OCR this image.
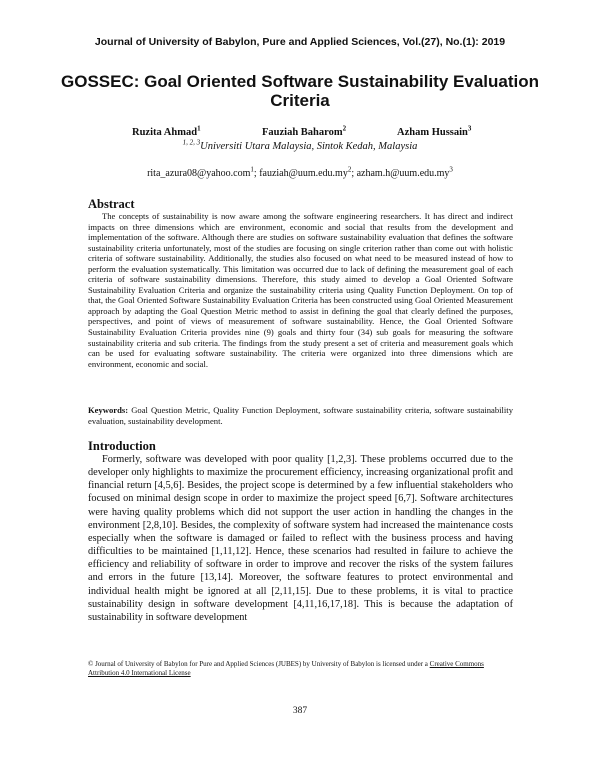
Journal of University of Babylon, Pure and Applied Sciences, Vol.(27), No.(1): 2019
GOSSEC: Goal Oriented Software Sustainability Evaluation Criteria
Ruzita Ahmad$^1$	Fauziah Baharom$^2$	Azham Hussain$^3$
$^{1, 2, 3}$Universiti Utara Malaysia, Sintok Kedah, Malaysia
rita_azura08@yahoo.com$^1$; $fauziah@uum.edu.my^2$; $azham.h@uum.edu.my^3$
Abstract

The concepts of sustainability is now aware among the software engineering researchers. It has direct and indirect impacts on three dimensions which are environment, economic and social that results from the development and implementation of the software. Although there are studies on software sustainability evaluation that defines the software sustainability criteria unfortunately, most of the studies are focusing on single criterion rather than come out with holistic criteria of software sustainability. Additionally, the studies also focused on what need to be measured instead of how to perform the evaluation systematically. This limitation was occurred due to lack of defining the measurement goal of each criteria of software sustainability dimensions. Therefore, this study aimed to develop a Goal Oriented Software Sustainability Evaluation Criteria and organize the sustainability criteria using Quality Function Deployment. On top of that, the Goal Oriented Software Sustainability Evaluation Criteria has been constructed using Goal Oriented Measurement approach by adapting the Goal Question Metric method to assist in defining the goal that clearly defined the purposes, perspectives, and point of views of measurement of software sustainability. Hence, the Goal Oriented Software Sustainability Evaluation Criteria provides nine (9) goals and thirty four (34) sub goals for measuring the software sustainability criteria and sub criteria. The findings from the study present a set of criteria and measurement goals which can be used for evaluating software sustainability. The criteria were organized into three dimensions which are environment, economic and social.

Keywords: Goal Question Metric, Quality Function Deployment, software sustainability criteria, software sustainability evaluation, sustainability development.
Introduction

Formerly, software was developed with poor quality [1,2,3]. These problems occurred due to the developer only highlights to maximize the procurement efficiency, increasing organizational profit and financial return [4,5,6]. Besides, the project scope is determined by a few influential stakeholders who focused on minimal design scope in order to maximize the project speed [6,7]. Software architectures were having quality problems which did not support the user action in handling the changes in the environment [2,8,10]. Besides, the complexity of software system had increased the maintenance costs especially when the software is damaged or failed to reflect with the business process and having difficulties to be maintained [1,11,12]. Hence, these scenarios had resulted in failure to achieve the efficiency and reliability of software in order to improve and recover the risks of the system failures and errors in the future [13,14]. Moreover, the software features to protect environmental and individual health might be ignored at all [2,11,15]. Due to these problems, it is vital to practice sustainability design in software development [4,11,16,17,18]. This is because the adaptation of sustainability in software development

© Journal of University of Babylon for Pure and Applied Sciences (JUBES) by University of Babylon is licensed under a Creative Commons Attribution 4.0 International License
387
